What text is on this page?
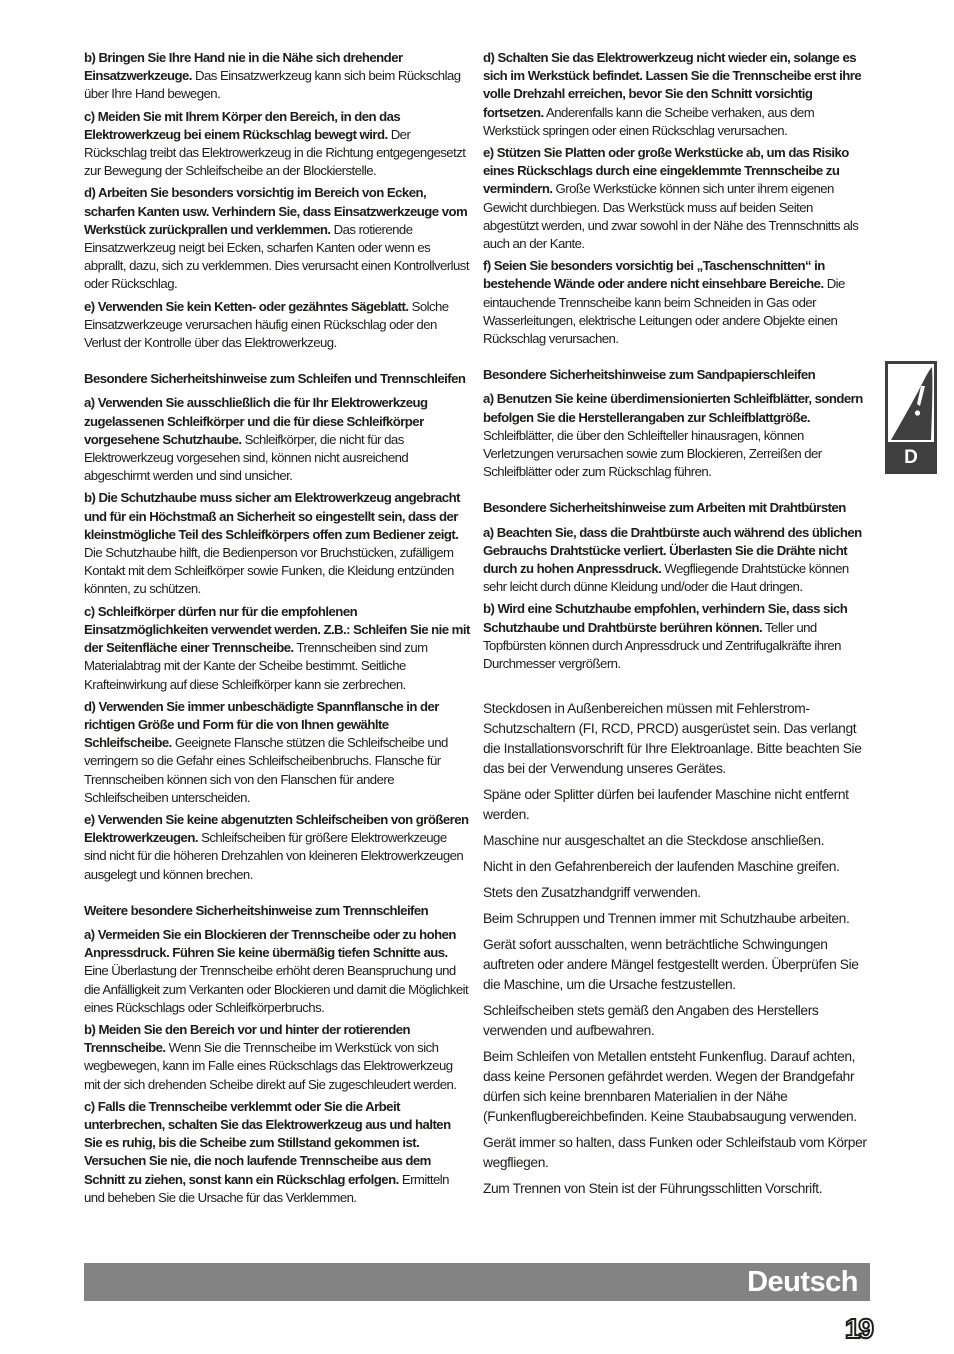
b) Bringen Sie Ihre Hand nie in die Nähe sich drehender Einsatzwerkzeuge. Das Einsatzwerkzeug kann sich beim Rückschlag über Ihre Hand bewegen.

c) Meiden Sie mit Ihrem Körper den Bereich, in den das Elektrowerkzeug bei einem Rückschlag bewegt wird. Der Rückschlag treibt das Elektrowerkzeug in die Richtung entgegengesetzt zur Bewegung der Schleifscheibe an der Blockierstelle.

d) Arbeiten Sie besonders vorsichtig im Bereich von Ecken, scharfen Kanten usw. Verhindern Sie, dass Einsatzwerkzeuge vom Werkstück zurückprallen und verklemmen. Das rotierende Einsatzwerkzeug neigt bei Ecken, scharfen Kanten oder wenn es abprallt, dazu, sich zu verklemmen. Dies verursacht einen Kontrollverlust oder Rückschlag.

e) Verwenden Sie kein Ketten- oder gezähntes Sägeblatt. Solche Einsatzwerkzeuge verursachen häufig einen Rückschlag oder den Verlust der Kontrolle über das Elektrowerkzeug.

Besondere Sicherheitshinweise zum Schleifen und Trennschleifen

a) Verwenden Sie ausschließlich die für Ihr Elektrowerkzeug zugelassenen Schleifkörper und die für diese Schleifkörper vorgesehene Schutzhaube. Schleifkörper, die nicht für das Elektrowerkzeug vorgesehen sind, können nicht ausreichend abgeschirmt werden und sind unsicher.

b) Die Schutzhaube muss sicher am Elektrowerkzeug angebracht und für ein Höchstmaß an Sicherheit so eingestellt sein, dass der kleinstmögliche Teil des Schleifkörpers offen zum Bediener zeigt. Die Schutzhaube hilft, die Bedienperson vor Bruchstücken, zufälligem Kontakt mit dem Schleifkörper sowie Funken, die Kleidung entzünden könnten, zu schützen.

c) Schleifkörper dürfen nur für die empfohlenen Einsatzmöglichkeiten verwendet werden. Z.B.: Schleifen Sie nie mit der Seitenfläche einer Trennscheibe. Trennscheiben sind zum Materialabtrag mit der Kante der Scheibe bestimmt. Seitliche Krafteinwirkung auf diese Schleifkörper kann sie zerbrechen.

d) Verwenden Sie immer unbeschädigte Spannflansche in der richtigen Größe und Form für die von Ihnen gewählte Schleifscheibe. Geeignete Flansche stützen die Schleifscheibe und verringern so die Gefahr eines Schleifscheibenbruchs. Flansche für Trennscheiben können sich von den Flanschen für andere Schleifscheiben unterscheiden.

e) Verwenden Sie keine abgenutzten Schleifscheiben von größeren Elektrowerkzeugen. Schleifscheiben für größere Elektrowerkzeuge sind nicht für die höheren Drehzahlen von kleineren Elektrowerkzeugen ausgelegt und können brechen.

Weitere besondere Sicherheitshinweise zum Trennschleifen

a) Vermeiden Sie ein Blockieren der Trennscheibe oder zu hohen Anpressdruck. Führen Sie keine übermäßig tiefen Schnitte aus. Eine Überlastung der Trennscheibe erhöht deren Beanspruchung und die Anfälligkeit zum Verkanten oder Blockieren und damit die Möglichkeit eines Rückschlags oder Schleifkörperbruchs.

b) Meiden Sie den Bereich vor und hinter der rotierenden Trennscheibe. Wenn Sie die Trennscheibe im Werkstück von sich wegbewegen, kann im Falle eines Rückschlags das Elektrowerkzeug mit der sich drehenden Scheibe direkt auf Sie zugeschleudert werden.

c) Falls die Trennscheibe verklemmt oder Sie die Arbeit unterbrechen, schalten Sie das Elektrowerkzeug aus und halten Sie es ruhig, bis die Scheibe zum Stillstand gekommen ist. Versuchen Sie nie, die noch laufende Trennscheibe aus dem Schnitt zu ziehen, sonst kann ein Rückschlag erfolgen. Ermitteln und beheben Sie die Ursache für das Verklemmen.

d) Schalten Sie das Elektrowerkzeug nicht wieder ein, solange es sich im Werkstück befindet. Lassen Sie die Trennscheibe erst ihre volle Drehzahl erreichen, bevor Sie den Schnitt vorsichtig fortsetzen. Anderenfalls kann die Scheibe verhaken, aus dem Werkstück springen oder einen Rückschlag verursachen.

e) Stützen Sie Platten oder große Werkstücke ab, um das Risiko eines Rückschlags durch eine eingeklemmte Trennscheibe zu vermindern. Große Werkstücke können sich unter ihrem eigenen Gewicht durchbiegen. Das Werkstück muss auf beiden Seiten abgestützt werden, und zwar sowohl in der Nähe des Trennschnitts als auch an der Kante.

f) Seien Sie besonders vorsichtig bei „Taschenschnitten“ in bestehende Wände oder andere nicht einsehbare Bereiche. Die eintauchende Trennscheibe kann beim Schneiden in Gas oder Wasserleitungen, elektrische Leitungen oder andere Objekte einen Rückschlag verursachen.

Besondere Sicherheitshinweise zum Sandpapierschleifen

a) Benutzen Sie keine überdimensionierten Schleifblätter, sondern befolgen Sie die Herstellerangaben zur Schleifblattgröße. Schleifblätter, die über den Schleifteller hinausragen, können Verletzungen verursachen sowie zum Blockieren, Zerreißen der Schleifblätter oder zum Rückschlag führen.

Besondere Sicherheitshinweise zum Arbeiten mit Drahtbürsten

a) Beachten Sie, dass die Drahtbürste auch während des üblichen Gebrauchs Drahtstücke verliert. Überlasten Sie die Drähte nicht durch zu hohen Anpressdruck. Wegfliegende Drahtstücke können sehr leicht durch dünne Kleidung und/oder die Haut dringen.

b) Wird eine Schutzhaube empfohlen, verhindern Sie, dass sich Schutzhaube und Drahtbürste berühren können. Teller und Topfbürsten können durch Anpressdruck und Zentrifugalkräfte ihren Durchmesser vergrößern.

Steckdosen in Außenbereichen müssen mit Fehlerstrom-Schutzschaltern (FI, RCD, PRCD) ausgerüstet sein. Das verlangt die Installationsvorschrift für Ihre Elektroanlage. Bitte beachten Sie das bei der Verwendung unseres Gerätes.

Späne oder Splitter dürfen bei laufender Maschine nicht entfernt werden.

Maschine nur ausgeschaltet an die Steckdose anschließen.

Nicht in den Gefahrenbereich der laufenden Maschine greifen.

Stets den Zusatzhandgriff verwenden.

Beim Schruppen und Trennen immer mit Schutzhaube arbeiten.

Gerät sofort ausschalten, wenn beträchtliche Schwingungen auftreten oder andere Mängel festgestellt werden. Überprüfen Sie die Maschine, um die Ursache festzustellen.

Schleifscheiben stets gemäß den Angaben des Herstellers verwenden und aufbewahren.

Beim Schleifen von Metallen entsteht Funkenflug. Darauf achten, dass keine Personen gefährdet werden. Wegen der Brandgefahr dürfen sich keine brennbaren Materialien in der Nähe (Funkenflugbereichbefinden. Keine Staubabsaugung verwenden.

Gerät immer so halten, dass Funken oder Schleifstaub vom Körper wegfliegen.

Zum Trennen von Stein ist der Führungsschlitten Vorschrift.

D
Deutsch
19
